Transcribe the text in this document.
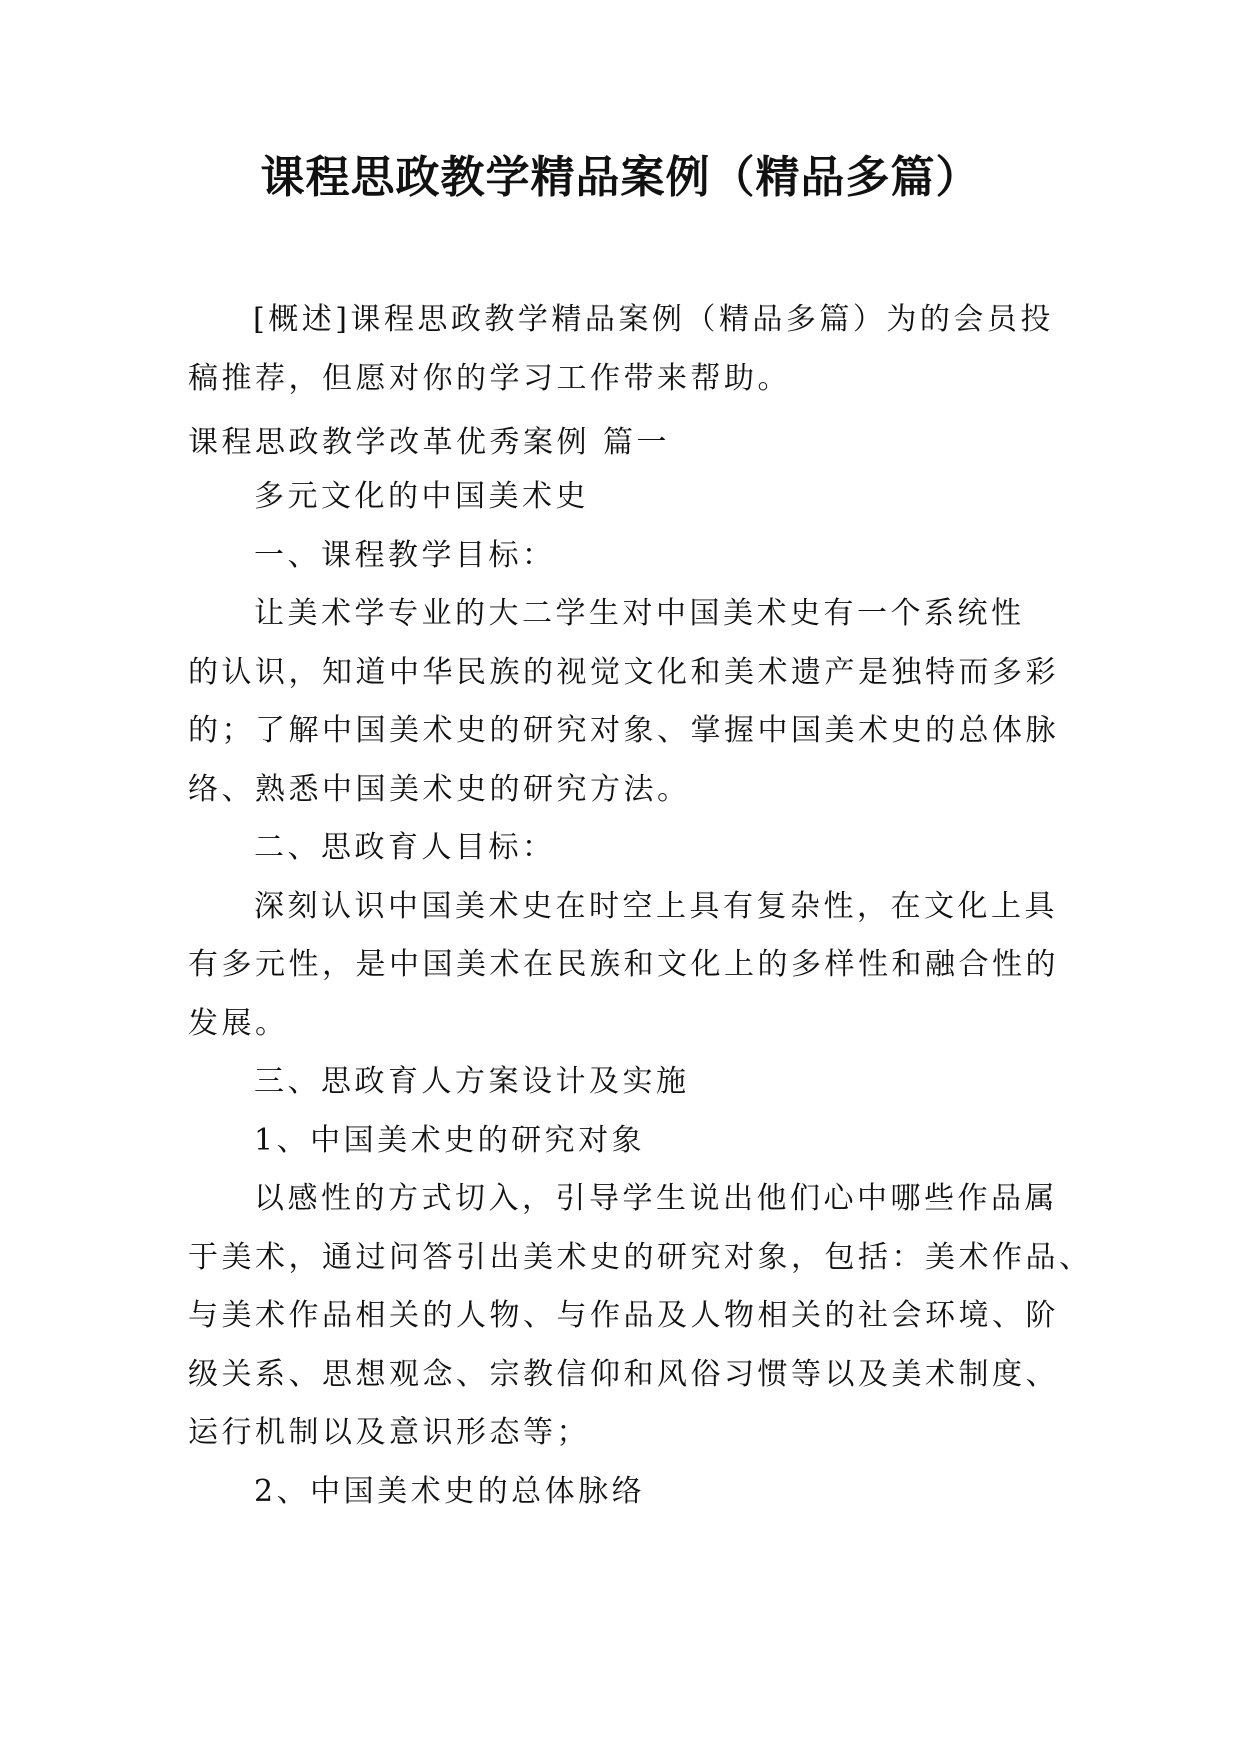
课程思政教学精品案例（精品多篇）

[概述]课程思政教学精品案例（精品多篇）为的会员投
稿推荐，但愿对你的学习工作带来帮助。

课程思政教学改革优秀案例 篇一

多元文化的中国美术史
一、课程教学目标：
让美术学专业的大二学生对中国美术史有一个系统性
的认识，知道中华民族的视觉文化和美术遗产是独特而多彩
的；了解中国美术史的研究对象、掌握中国美术史的总体脉
络、熟悉中国美术史的研究方法。
二、思政育人目标：
深刻认识中国美术史在时空上具有复杂性，在文化上具
有多元性，是中国美术在民族和文化上的多样性和融合性的
发展。
三、思政育人方案设计及实施
1、中国美术史的研究对象
以感性的方式切入，引导学生说出他们心中哪些作品属
于美术，通过问答引出美术史的研究对象，包括：美术作品、
与美术作品相关的人物、与作品及人物相关的社会环境、阶
级关系、思想观念、宗教信仰和风俗习惯等以及美术制度、
运行机制以及意识形态等；
2、中国美术史的总体脉络
